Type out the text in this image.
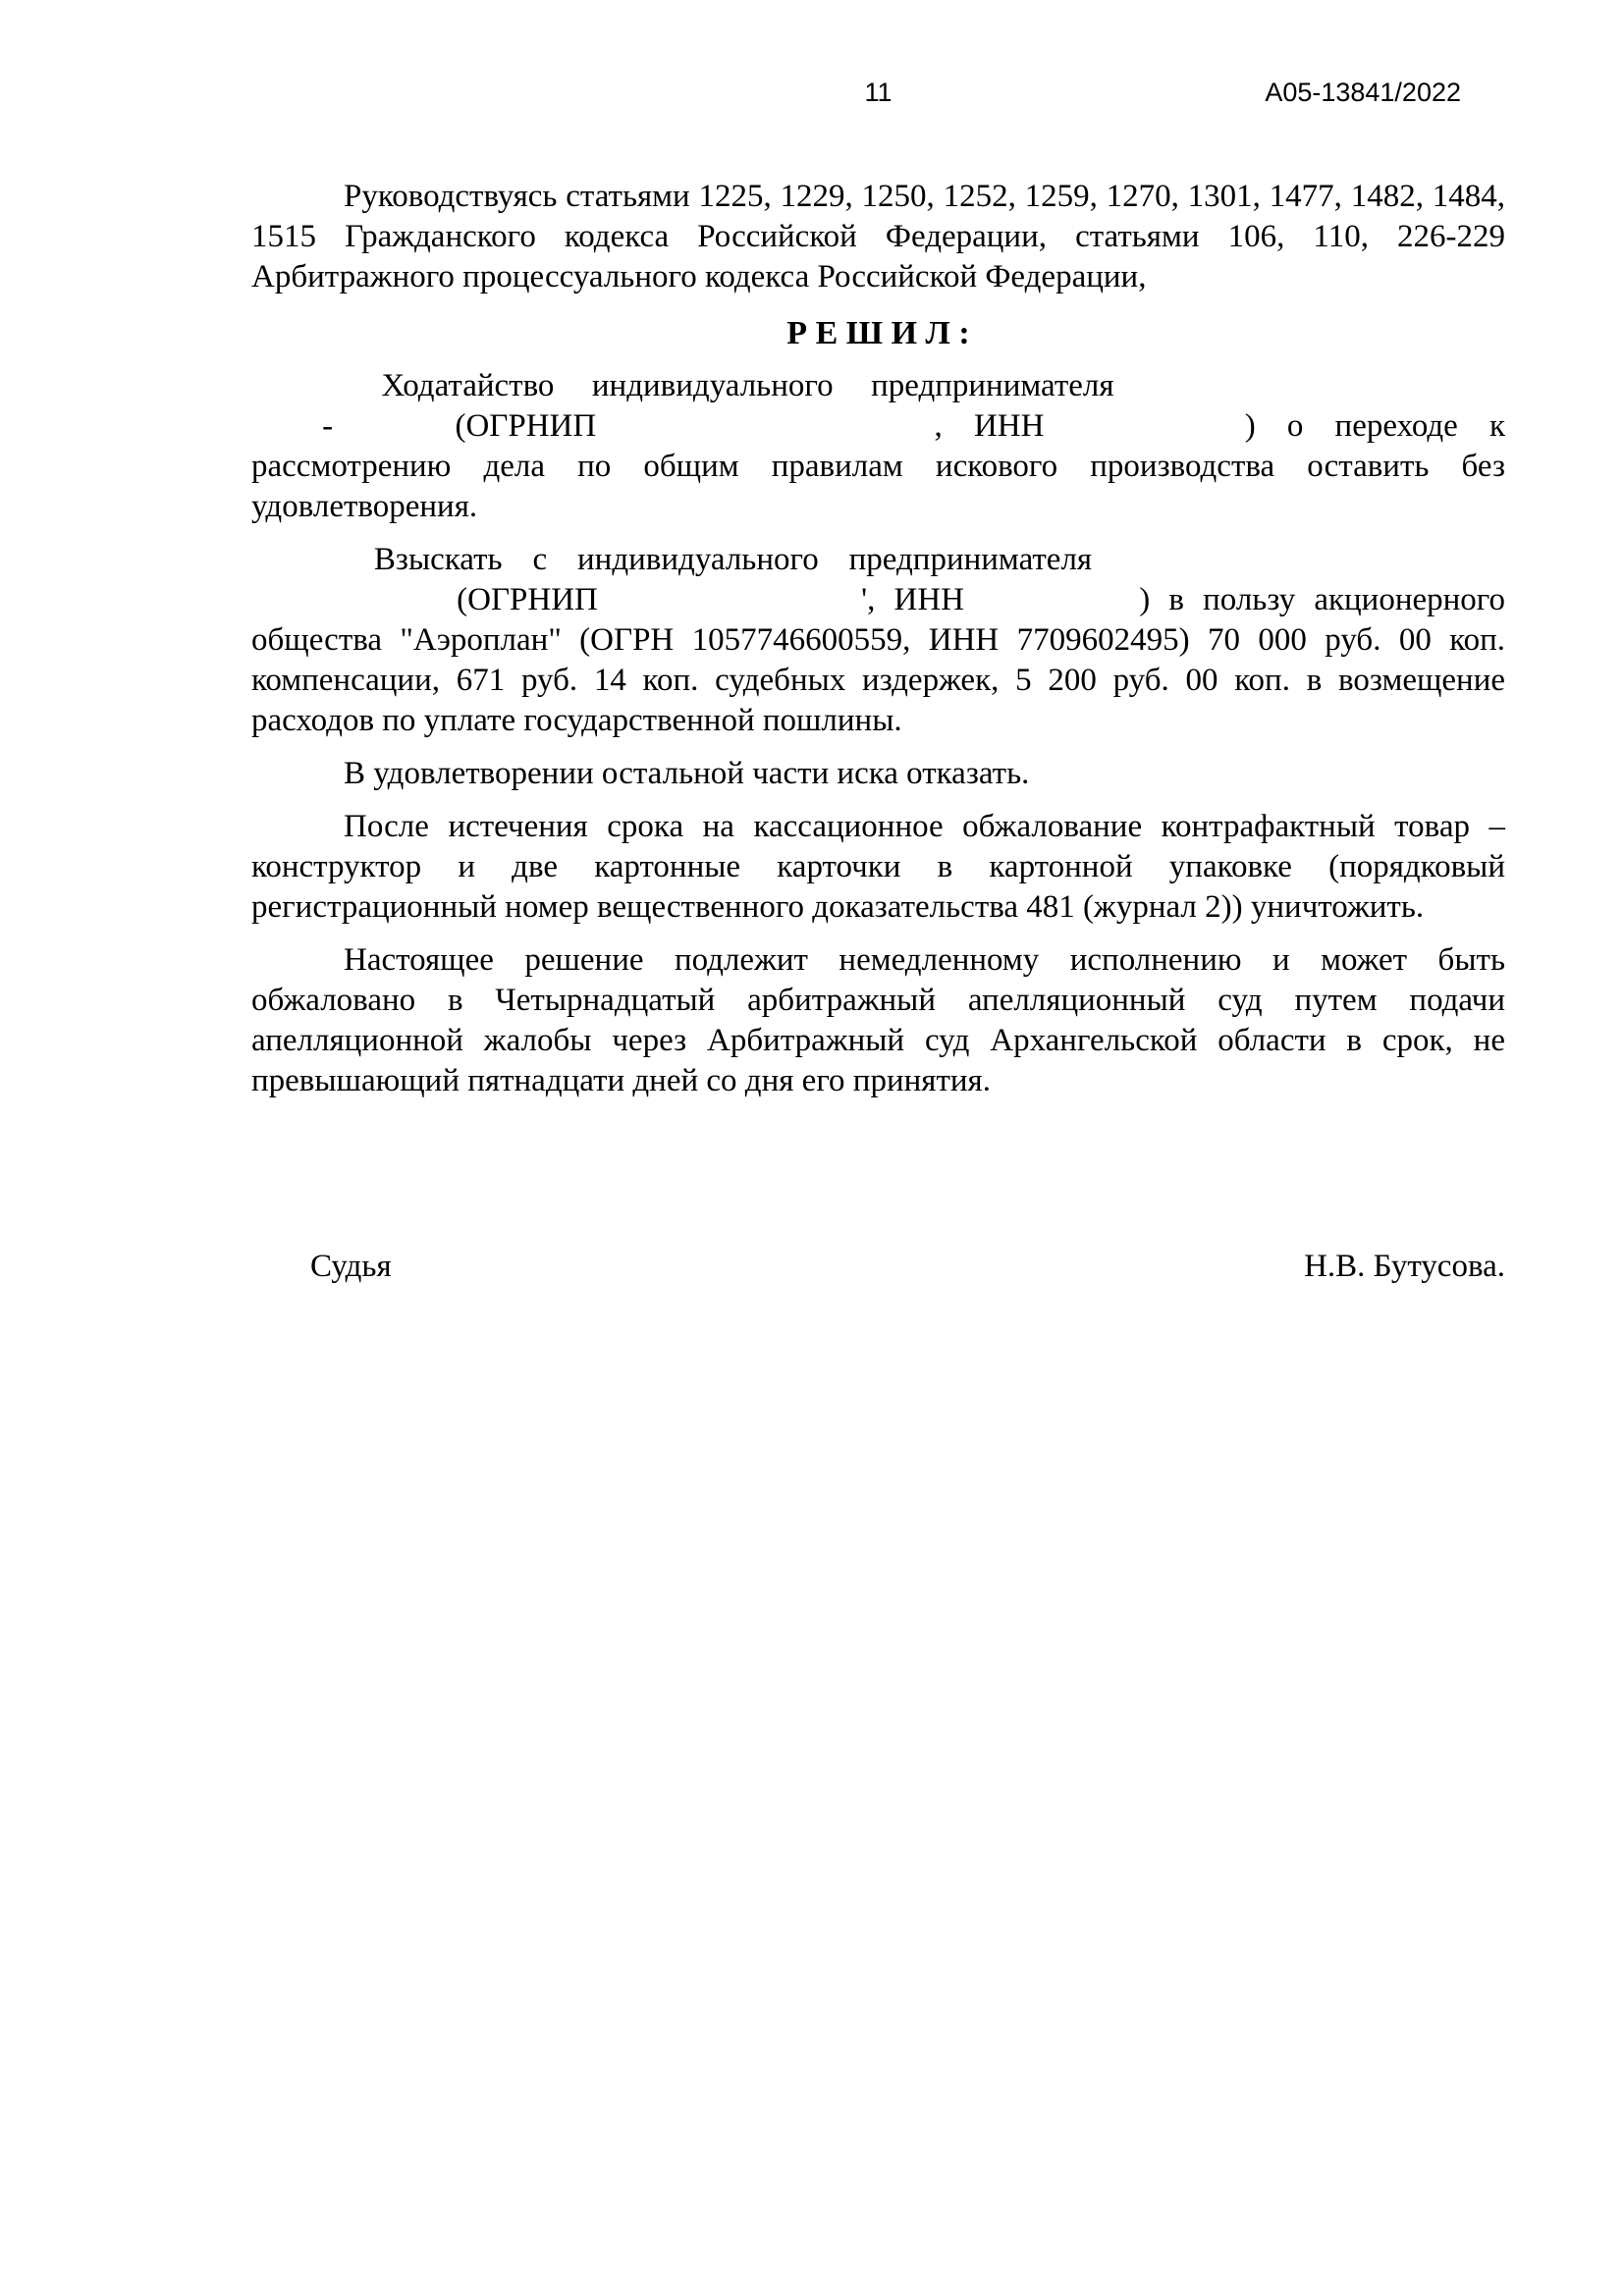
11	А05-13841/2022

Руководствуясь статьями 1225, 1229, 1250, 1252, 1259, 1270, 1301, 1477, 1482, 1484, 1515 Гражданского кодекса Российской Федерации, статьями 106, 110, 226-229 Арбитражного процессуального кодекса Российской Федерации,

Р Е Ш И Л :
Ходатайство индивидуального предпринимателя
-	(ОГРНИП	, ИНН	) о переходе к

рассмотрению дела по общим правилам искового производства оставить без удовлетворения.

Взыскать с индивидуального предпринимателя
(ОГРНИП	', ИНН	) в пользу акционерного

общества "Аэроплан" (ОГРН 1057746600559, ИНН 7709602495) 70 000 руб. 00 коп. компенсации, 671 руб. 14 коп. судебных издержек, 5 200 руб. 00 коп. в возмещение расходов по уплате государственной пошлины.

В удовлетворении остальной части иска отказать.

После истечения срока на кассационное обжалование контрафактный товар – конструктор и две картонные карточки в картонной упаковке (порядковый регистрационный номер вещественного доказательства 481 (журнал 2)) уничтожить.

Настоящее решение подлежит немедленному исполнению и может быть обжаловано в Четырнадцатый арбитражный апелляционный суд путем подачи апелляционной жалобы через Арбитражный суд Архангельской области в срок, не превышающий пятнадцати дней со дня его принятия.

Судья	Н.В. Бутусова.
